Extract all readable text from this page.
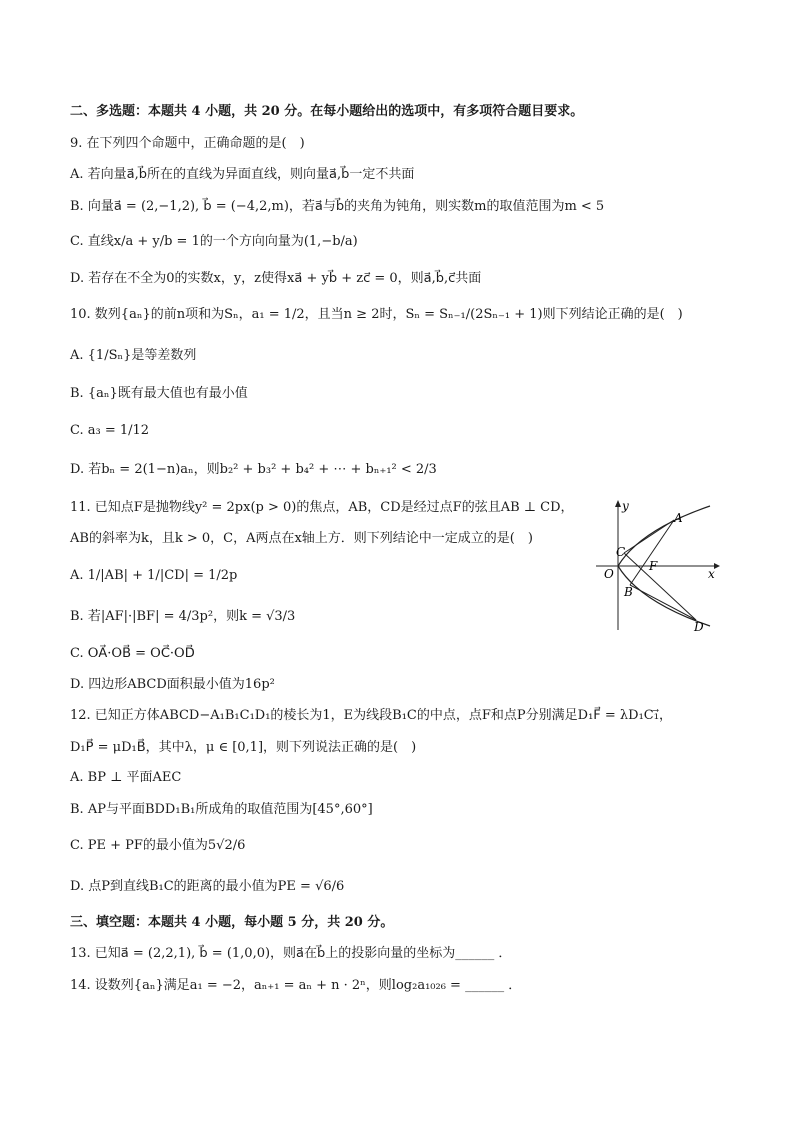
二、多选题：本题共 4 小题，共 20 分。在每小题给出的选项中，有多项符合题目要求。
9. 在下列四个命题中，正确命题的是(　)
A. 若向量a⃗,b⃗所在的直线为异面直线，则向量a⃗,b⃗一定不共面
B. 向量a⃗ = (2,−1,2), b⃗ = (−4,2,m)，若a⃗与b⃗的夹角为钝角，则实数m的取值范围为m < 5
C. 直线x/a + y/b = 1的一个方向向量为(1,−b/a)
D. 若存在不全为0的实数x，y，z使得xa⃗ + yb⃗ + zc⃗ = 0，则a⃗,b⃗,c⃗共面
10. 数列{aₙ}的前n项和为Sₙ，a₁ = 1/2，且当n ≥ 2时，Sₙ = Sₙ₋₁/(2Sₙ₋₁ + 1)则下列结论正确的是(　)
A. {1/Sₙ}是等差数列
B. {aₙ}既有最大值也有最小值
C. a₃ = 1/12
D. 若bₙ = 2(1−n)aₙ，则b₂² + b₃² + b₄² + ⋯ + bₙ₊₁² < 2/3
11. 已知点F是抛物线y² = 2px(p > 0)的焦点，AB，CD是经过点F的弦且AB ⊥ CD，
AB的斜率为k，且k > 0，C，A两点在x轴上方．则下列结论中一定成立的是(　)
A. 1/|AB| + 1/|CD| = 1/2p
B. 若|AF|·|BF| = 4/3p²，则k = √3/3
C. OA⃗·OB⃗ = OC⃗·OD⃗
D. 四边形ABCD面积最小值为16p²
y
x
O
A
C
F
B
D
12. 已知正方体ABCD−A₁B₁C₁D₁的棱长为1，E为线段B₁C的中点，点F和点P分别满足D₁F⃗ = λD₁C₁⃗，
D₁P⃗ = μD₁B⃗，其中λ，μ ∈ [0,1]，则下列说法正确的是(　)
A. BP ⊥ 平面AEC
B. AP与平面BDD₁B₁所成角的取值范围为[45°,60°]
C. PE + PF的最小值为5√2/6
D. 点P到直线B₁C的距离的最小值为PE = √6/6
三、填空题：本题共 4 小题，每小题 5 分，共 20 分。
13. 已知a⃗ = (2,2,1), b⃗ = (1,0,0)，则a⃗在b⃗上的投影向量的坐标为______ ．
14. 设数列{aₙ}满足a₁ = −2，aₙ₊₁ = aₙ + n · 2ⁿ，则log₂a₁₀₂₆ = ______ ．
